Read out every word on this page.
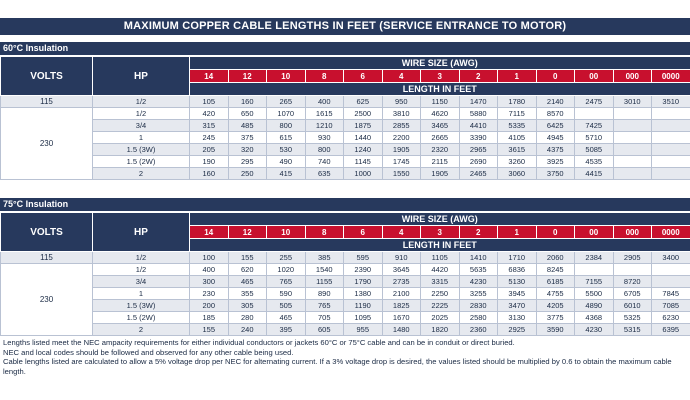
MAXIMUM COPPER CABLE LENGTHS IN FEET (SERVICE ENTRANCE TO MOTOR)
60°C Insulation
VOLTS	HP	WIRE SIZE (AWG)												
		14	12	10	8	6	4	3	2	1	0	00	000	0000
		LENGTH IN FEET												
115	1/2	105	160	265	400	625	950	1150	1470	1780	2140	2475	3010	3510
230	1/2	420	650	1070	1615	2500	3810	4620	5880	7115	8570			
	3/4	315	485	800	1210	1875	2855	3465	4410	5335	6425	7425		
	1	245	375	615	930	1440	2200	2665	3390	4105	4945	5710		
	1.5 (3W)	205	320	530	800	1240	1905	2320	2965	3615	4375	5085		
	1.5 (2W)	190	295	490	740	1145	1745	2115	2690	3260	3925	4535		
	2	160	250	415	635	1000	1550	1905	2465	3060	3750	4415		
75°C Insulation
VOLTS	HP	WIRE SIZE (AWG)												
		14	12	10	8	6	4	3	2	1	0	00	000	0000
		LENGTH IN FEET												
115	1/2	100	155	255	385	595	910	1105	1410	1710	2060	2384	2905	3400
230	1/2	400	620	1020	1540	2390	3645	4420	5635	6836	8245			
	3/4	300	465	765	1155	1790	2735	3315	4230	5130	6185	7155	8720	
	1	230	355	590	890	1380	2100	2250	3255	3945	4755	5500	6705	7845
	1.5 (3W)	200	305	505	765	1190	1825	2225	2830	3470	4205	4890	6010	7085
	1.5 (2W)	185	280	465	705	1095	1670	2025	2580	3130	3775	4368	5325	6230
	2	155	240	395	605	955	1480	1820	2360	2925	3590	4230	5315	6395

Lengths listed meet the NEC ampacity requirements for either individual conductors or jackets 60°C or 75°C cable and can be in conduit or direct buried.

NEC and local codes should be followed and observed for any other cable being used.

Cable lengths listed are calculated to allow a 5% voltage drop per NEC for alternating current. If a 3% voltage drop is desired, the values listed should be multiplied by 0.6 to obtain the maximum cable length.
